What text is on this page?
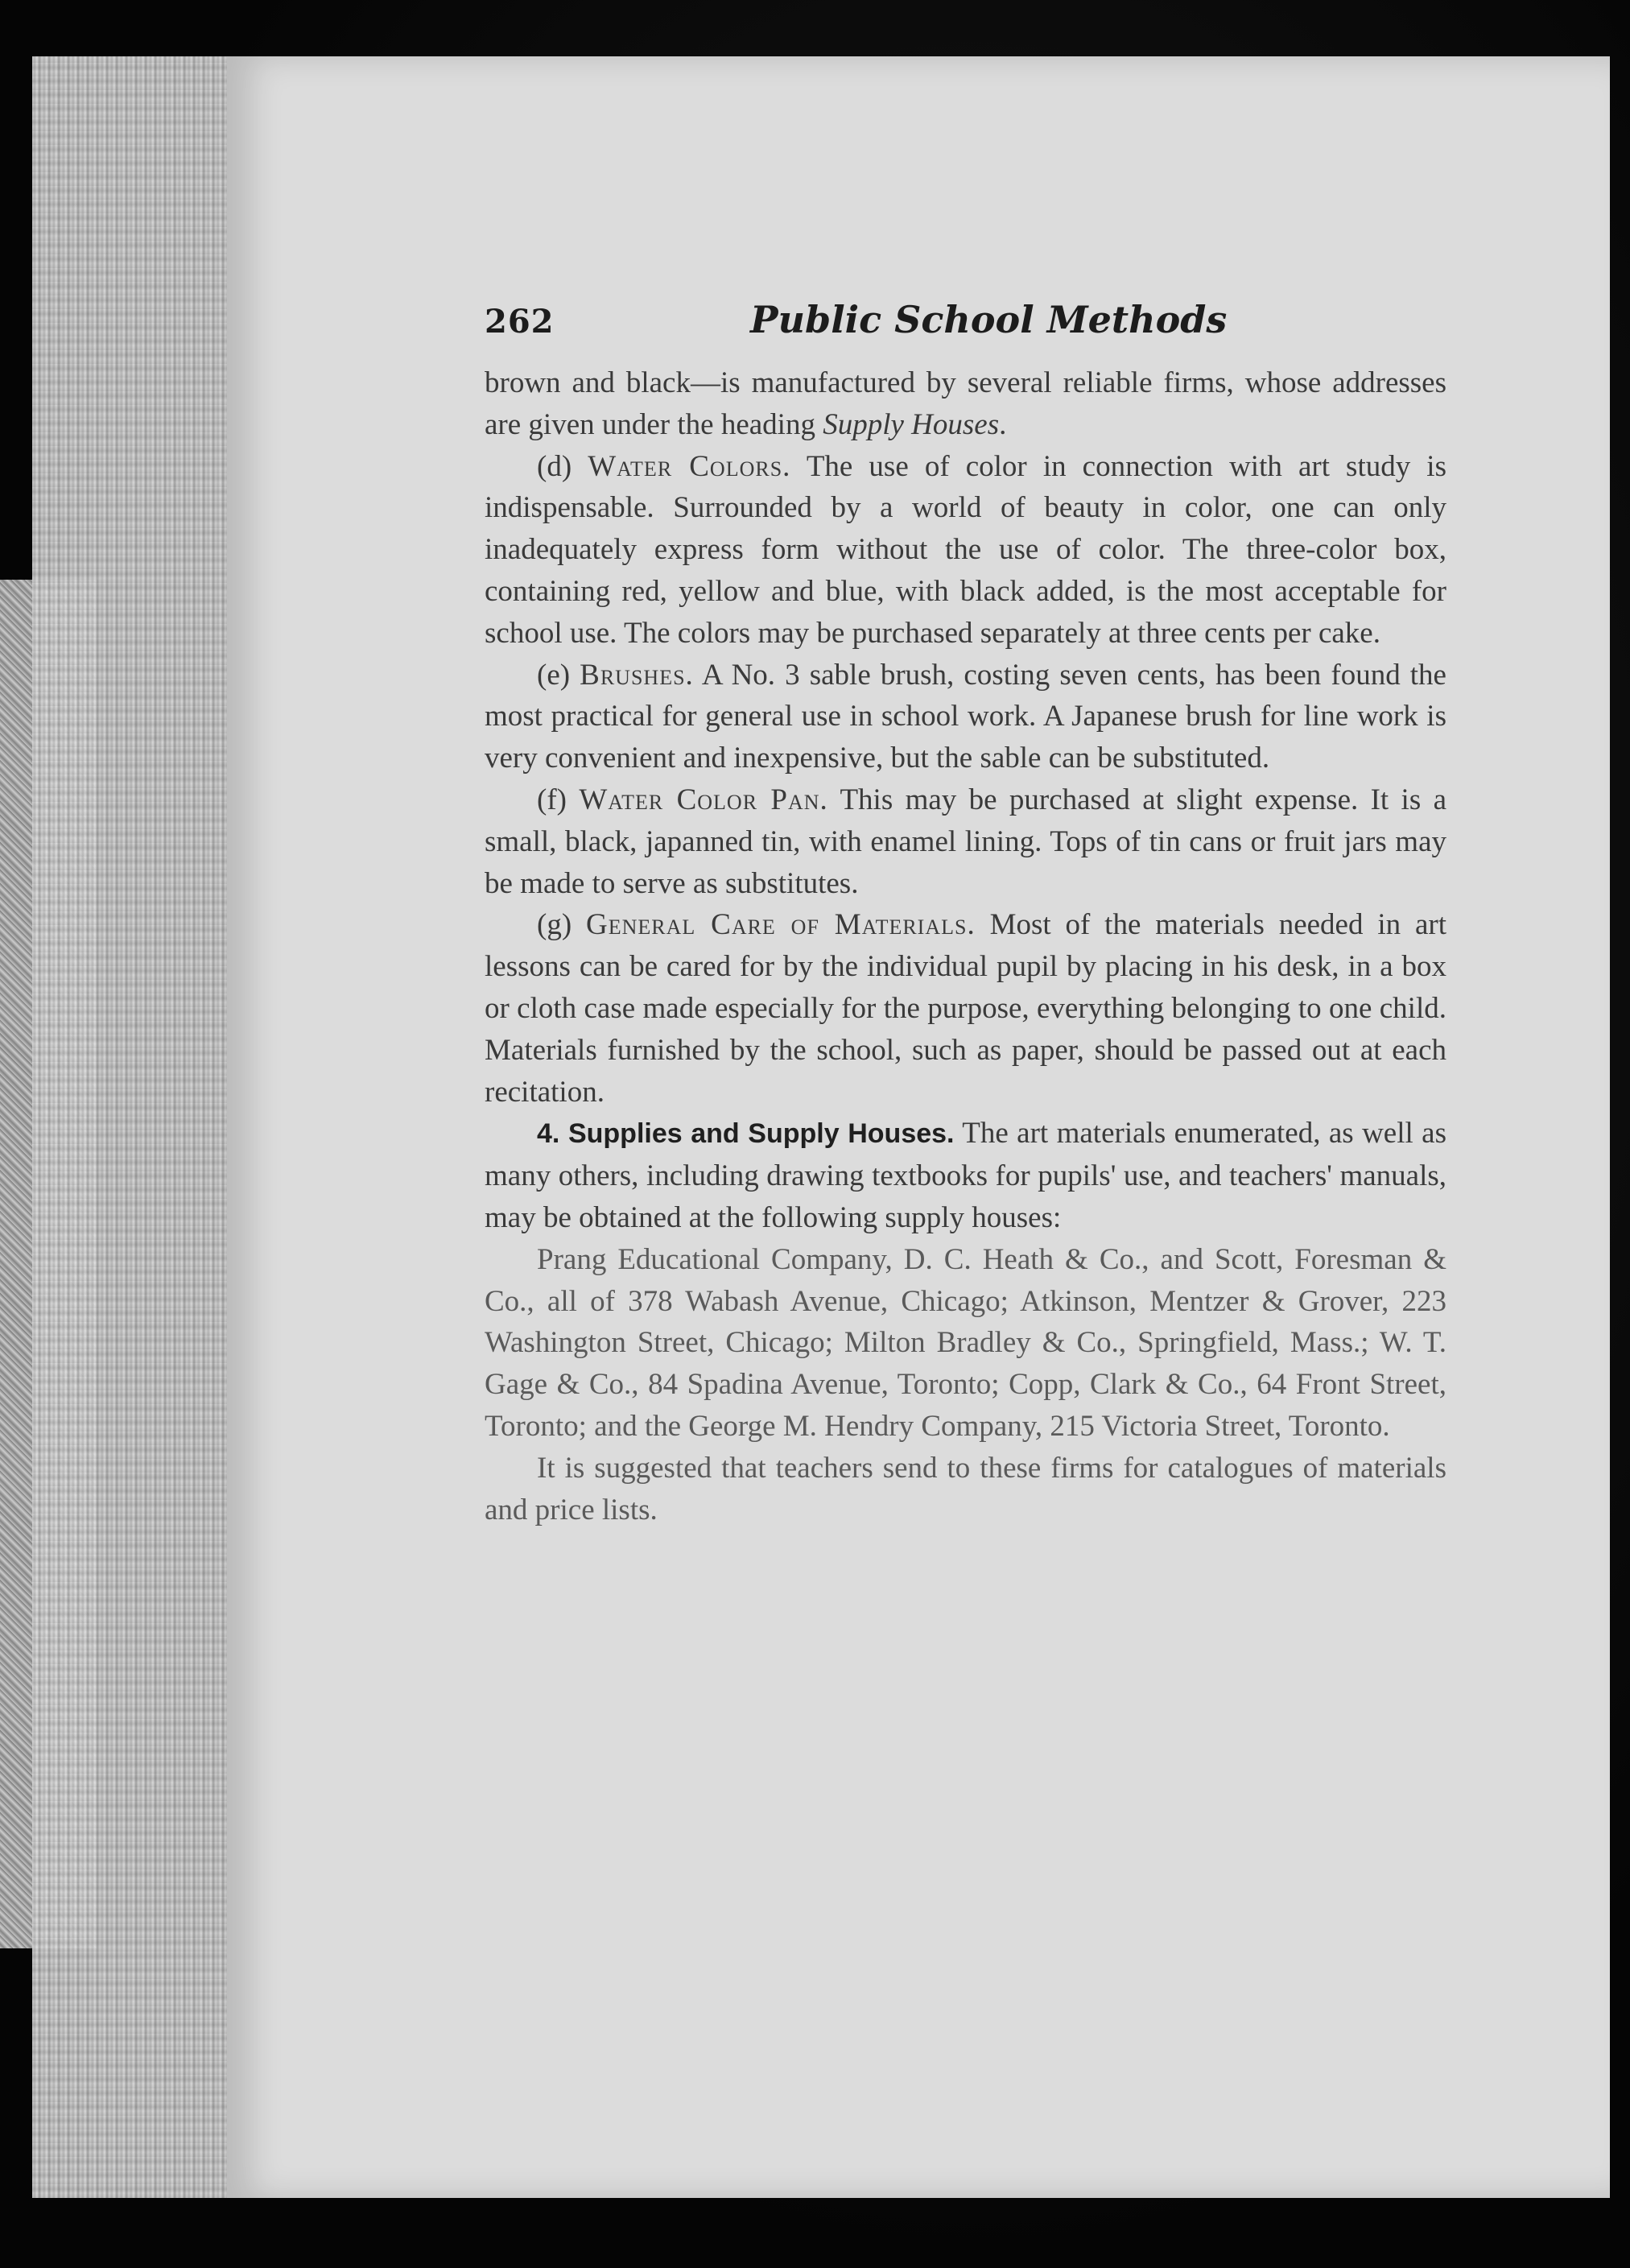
262	Public School Methods

brown and black—is manufactured by several reliable firms, whose addresses are given under the heading Supply Houses.

(d) Water Colors. The use of color in connection with art study is indispensable. Surrounded by a world of beauty in color, one can only inadequately express form without the use of color. The three-color box, containing red, yellow and blue, with black added, is the most acceptable for school use. The colors may be purchased separately at three cents per cake.

(e) Brushes. A No. 3 sable brush, costing seven cents, has been found the most practical for general use in school work. A Japanese brush for line work is very convenient and inexpensive, but the sable can be substituted.

(f) Water Color Pan. This may be purchased at slight expense. It is a small, black, japanned tin, with enamel lining. Tops of tin cans or fruit jars may be made to serve as substitutes.

(g) General Care of Materials. Most of the materials needed in art lessons can be cared for by the individual pupil by placing in his desk, in a box or cloth case made especially for the purpose, everything belonging to one child. Materials furnished by the school, such as paper, should be passed out at each recitation.

4. Supplies and Supply Houses. The art materials enumerated, as well as many others, including drawing textbooks for pupils' use, and teachers' manuals, may be obtained at the following supply houses:

Prang Educational Company, D. C. Heath & Co., and Scott, Foresman & Co., all of 378 Wabash Avenue, Chicago; Atkinson, Mentzer & Grover, 223 Washington Street, Chicago; Milton Bradley & Co., Springfield, Mass.; W. T. Gage & Co., 84 Spadina Avenue, Toronto; Copp, Clark & Co., 64 Front Street, Toronto; and the George M. Hendry Company, 215 Victoria Street, Toronto.

It is suggested that teachers send to these firms for catalogues of materials and price lists.
